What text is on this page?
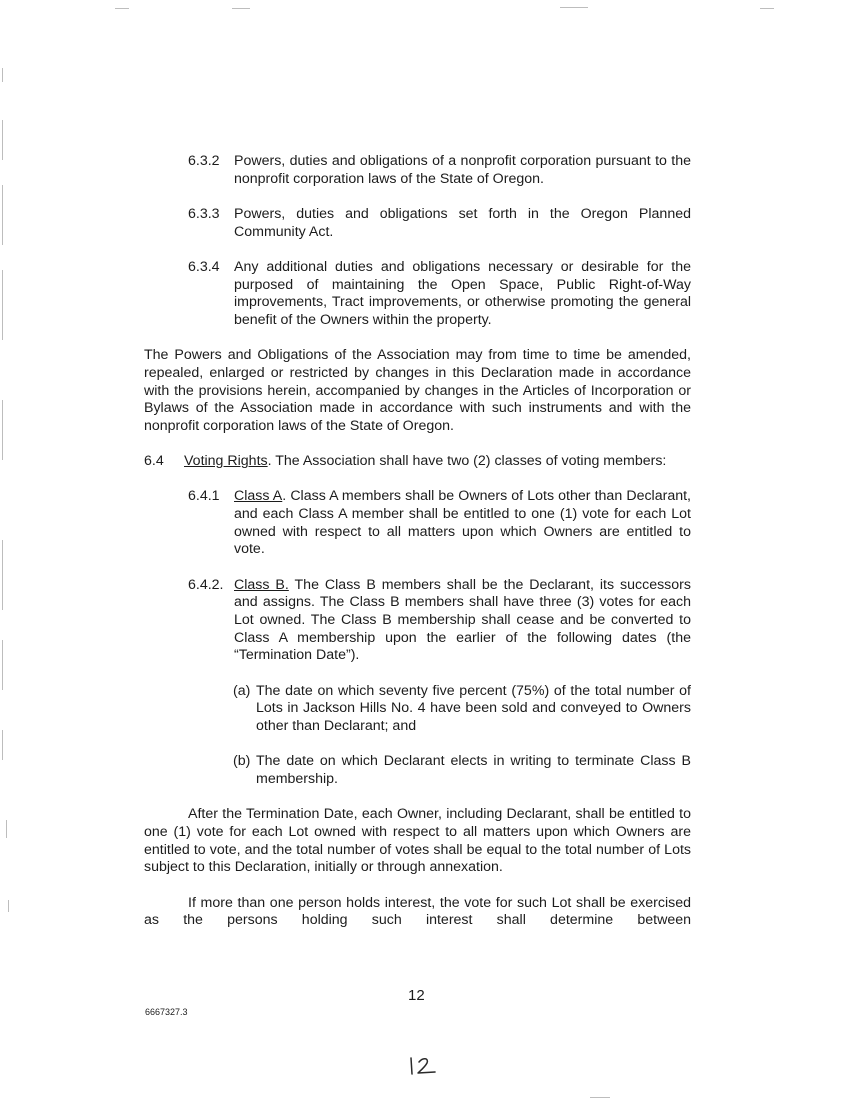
6.3.2	Powers, duties and obligations of a nonprofit corporation pursuant to the nonprofit corporation laws of the State of Oregon.
6.3.3	Powers, duties and obligations set forth in the Oregon Planned Community Act.
6.3.4	Any additional duties and obligations necessary or desirable for the purposed of maintaining the Open Space, Public Right-of-Way improvements, Tract improvements, or otherwise promoting the general benefit of the Owners within the property.
The Powers and Obligations of the Association may from time to time be amended, repealed, enlarged or restricted by changes in this Declaration made in accordance with the provisions herein, accompanied by changes in the Articles of Incorporation or Bylaws of the Association made in accordance with such instruments and with the nonprofit corporation laws of the State of Oregon.
6.4	Voting Rights. The Association shall have two (2) classes of voting members:
6.4.1	Class A. Class A members shall be Owners of Lots other than Declarant, and each Class A member shall be entitled to one (1) vote for each Lot owned with respect to all matters upon which Owners are entitled to vote.
6.4.2. Class B. The Class B members shall be the Declarant, its successors and assigns. The Class B members shall have three (3) votes for each Lot owned. The Class B membership shall cease and be converted to Class A membership upon the earlier of the following dates (the “Termination Date”).
(a) The date on which seventy five percent (75%) of the total number of Lots in Jackson Hills No. 4 have been sold and conveyed to Owners other than Declarant; and
(b) The date on which Declarant elects in writing to terminate Class B membership.
After the Termination Date, each Owner, including Declarant, shall be entitled to one (1) vote for each Lot owned with respect to all matters upon which Owners are entitled to vote, and the total number of votes shall be equal to the total number of Lots subject to this Declaration, initially or through annexation.
If more than one person holds interest, the vote for such Lot shall be exercised as the persons holding such interest shall determine between
12
6667327.3
